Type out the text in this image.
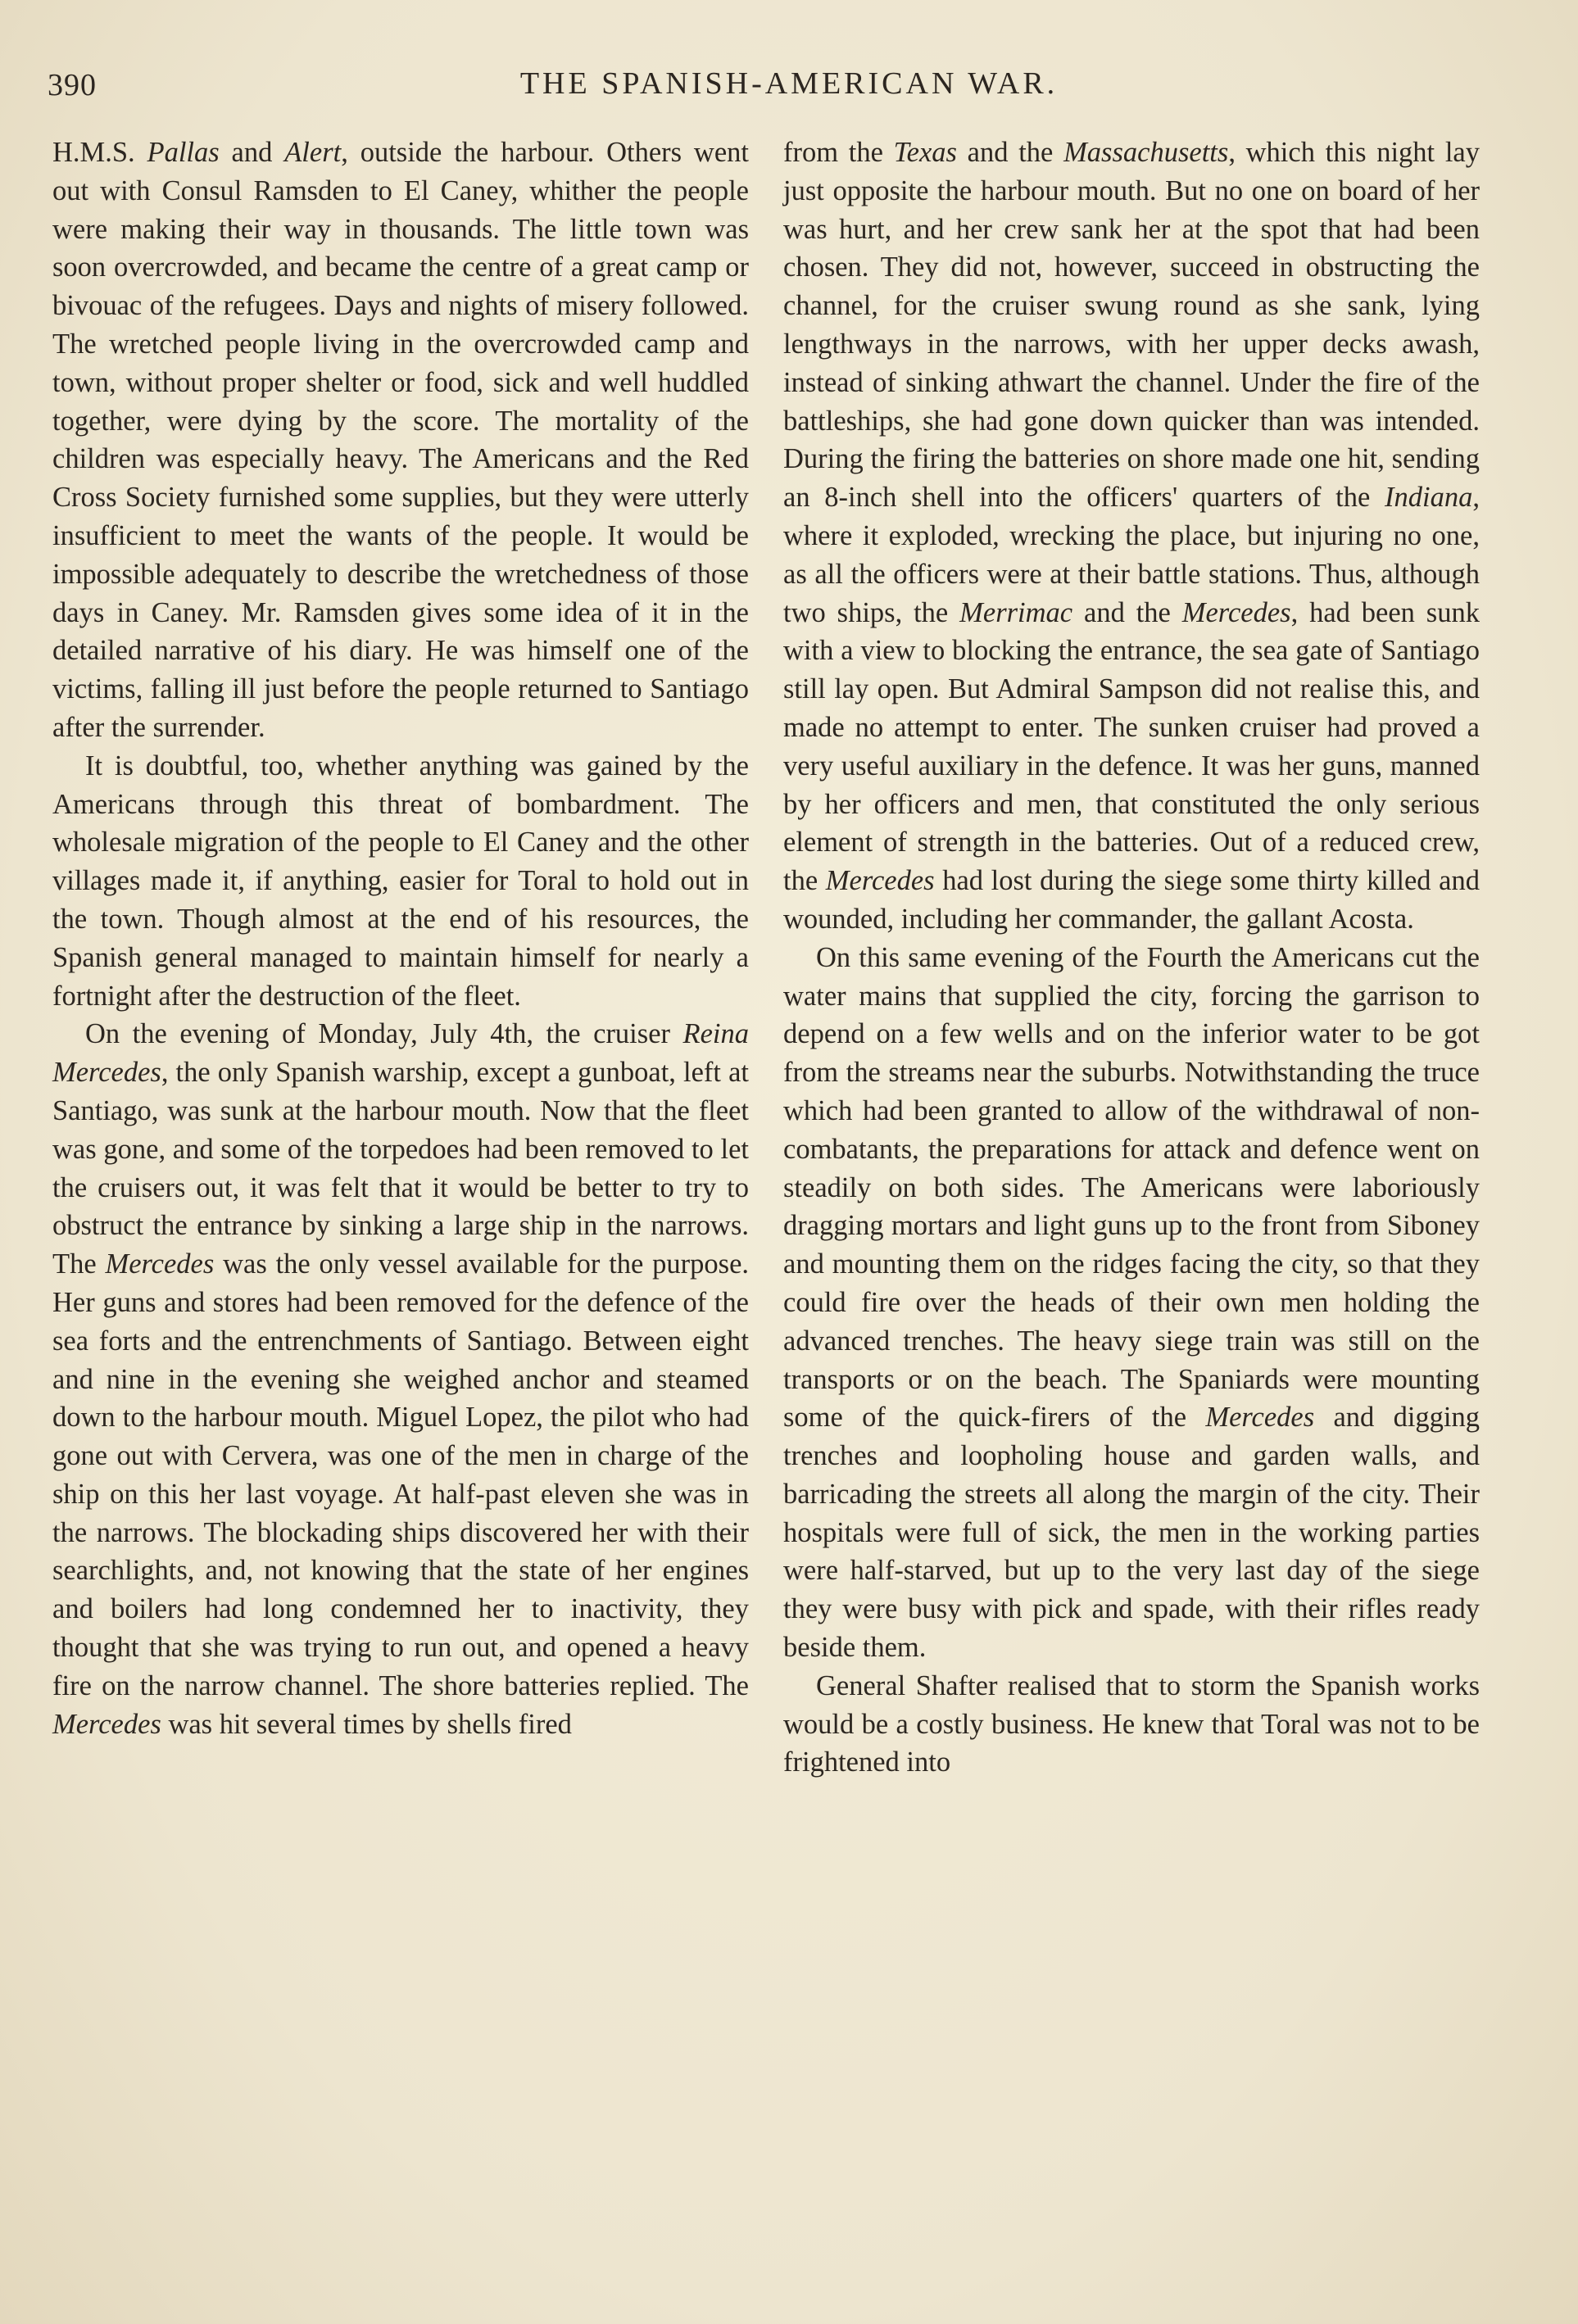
390	THE SPANISH-AMERICAN WAR.

H.M.S. Pallas and Alert, outside the harbour. Others went out with Consul Ramsden to El Caney, whither the people were making their way in thousands. The little town was soon overcrowded, and became the centre of a great camp or bivouac of the refugees. Days and nights of misery followed. The wretched people living in the overcrowded camp and town, without proper shelter or food, sick and well huddled together, were dying by the score. The mortality of the children was especially heavy. The Americans and the Red Cross Society furnished some supplies, but they were utterly insufficient to meet the wants of the people. It would be impossible adequately to describe the wretchedness of those days in Caney. Mr. Ramsden gives some idea of it in the detailed narrative of his diary. He was himself one of the victims, falling ill just before the people returned to Santiago after the surrender.

It is doubtful, too, whether anything was gained by the Americans through this threat of bombardment. The wholesale migration of the people to El Caney and the other villages made it, if anything, easier for Toral to hold out in the town. Though almost at the end of his resources, the Spanish general managed to maintain himself for nearly a fortnight after the destruction of the fleet.

On the evening of Monday, July 4th, the cruiser Reina Mercedes, the only Spanish warship, except a gunboat, left at Santiago, was sunk at the harbour mouth. Now that the fleet was gone, and some of the torpedoes had been removed to let the cruisers out, it was felt that it would be better to try to obstruct the entrance by sinking a large ship in the narrows. The Mercedes was the only vessel available for the purpose. Her guns and stores had been removed for the defence of the sea forts and the entrenchments of Santiago. Between eight and nine in the evening she weighed anchor and steamed down to the harbour mouth. Miguel Lopez, the pilot who had gone out with Cervera, was one of the men in charge of the ship on this her last voyage. At half-past eleven she was in the narrows. The blockading ships discovered her with their searchlights, and, not knowing that the state of her engines and boilers had long condemned her to inactivity, they thought that she was trying to run out, and opened a heavy fire on the narrow channel. The shore batteries replied. The Mercedes was hit several times by shells fired

from the Texas and the Massachusetts, which this night lay just opposite the harbour mouth. But no one on board of her was hurt, and her crew sank her at the spot that had been chosen. They did not, however, succeed in obstructing the channel, for the cruiser swung round as she sank, lying lengthways in the narrows, with her upper decks awash, instead of sinking athwart the channel. Under the fire of the battleships, she had gone down quicker than was intended. During the firing the batteries on shore made one hit, sending an 8-inch shell into the officers' quarters of the Indiana, where it exploded, wrecking the place, but injuring no one, as all the officers were at their battle stations. Thus, although two ships, the Merrimac and the Mercedes, had been sunk with a view to blocking the entrance, the sea gate of Santiago still lay open. But Admiral Sampson did not realise this, and made no attempt to enter. The sunken cruiser had proved a very useful auxiliary in the defence. It was her guns, manned by her officers and men, that constituted the only serious element of strength in the batteries. Out of a reduced crew, the Mercedes had lost during the siege some thirty killed and wounded, including her commander, the gallant Acosta.

On this same evening of the Fourth the Americans cut the water mains that supplied the city, forcing the garrison to depend on a few wells and on the inferior water to be got from the streams near the suburbs. Notwithstanding the truce which had been granted to allow of the withdrawal of non-combatants, the preparations for attack and defence went on steadily on both sides. The Americans were laboriously dragging mortars and light guns up to the front from Siboney and mounting them on the ridges facing the city, so that they could fire over the heads of their own men holding the advanced trenches. The heavy siege train was still on the transports or on the beach. The Spaniards were mounting some of the quick-firers of the Mercedes and digging trenches and loopholing house and garden walls, and barricading the streets all along the margin of the city. Their hospitals were full of sick, the men in the working parties were half-starved, but up to the very last day of the siege they were busy with pick and spade, with their rifles ready beside them.

General Shafter realised that to storm the Spanish works would be a costly business. He knew that Toral was not to be frightened into
